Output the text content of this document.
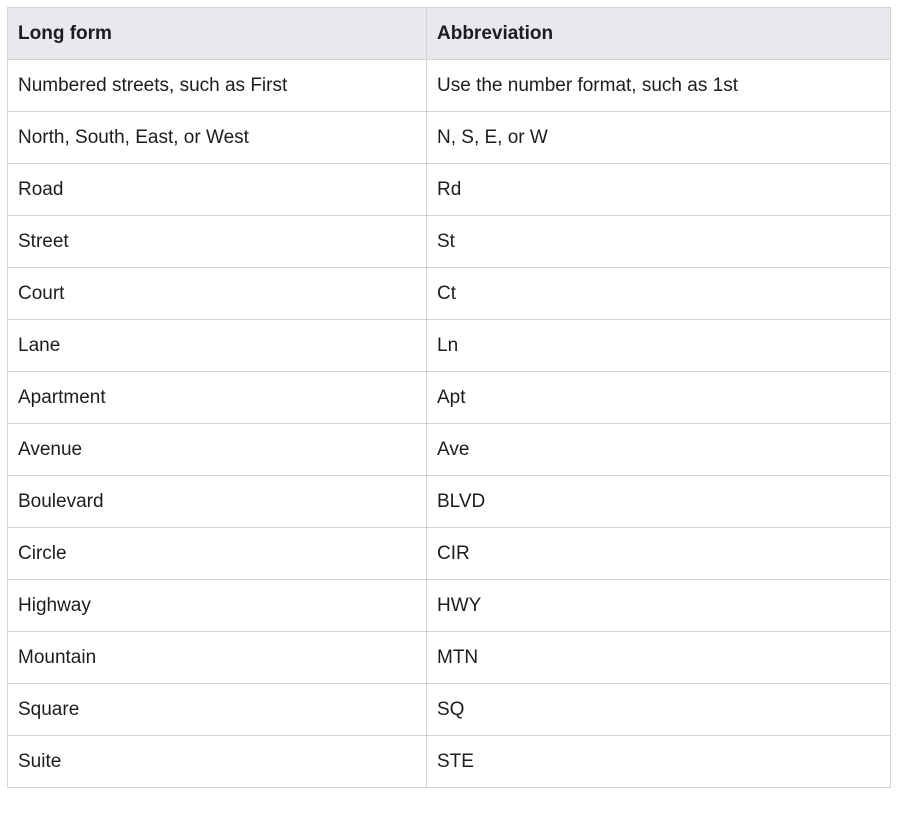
Long form	Abbreviation
Numbered streets, such as First	Use the number format, such as 1st
North, South, East, or West	N, S, E, or W
Road	Rd
Street	St
Court	Ct
Lane	Ln
Apartment	Apt
Avenue	Ave
Boulevard	BLVD
Circle	CIR
Highway	HWY
Mountain	MTN
Square	SQ
Suite	STE
